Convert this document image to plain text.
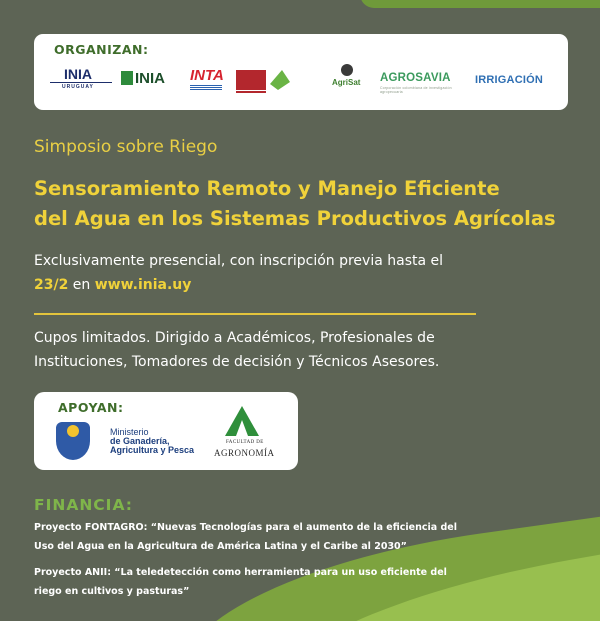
ORGANIZAN:
INIA
URUGUAY	INIA INTA	AgriSat AGROSAVIA
Corporación colombiana de investigación agropecuaria
IRRIGACIÓN
Simposio sobre Riego
Sensoramiento Remoto y Manejo Eficiente
del Agua en los Sistemas Productivos Agrícolas
Exclusivamente presencial, con inscripción previa hasta el
23/2 en www.inia.uy
Cupos limitados. Dirigido a Académicos, Profesionales de
Instituciones, Tomadores de decisión y Técnicos Asesores.
APOYAN:
Ministerio
de Ganadería,
Agricultura y Pesca
FACULTAD DE
AGRONOMÍA
FINANCIA:
Proyecto FONTAGRO: “Nuevas Tecnologías para el aumento de la eficiencia del
Uso del Agua en la Agricultura de América Latina y el Caribe al 2030”
Proyecto ANII: “La teledetección como herramienta para un uso eficiente del
riego en cultivos y pasturas”
